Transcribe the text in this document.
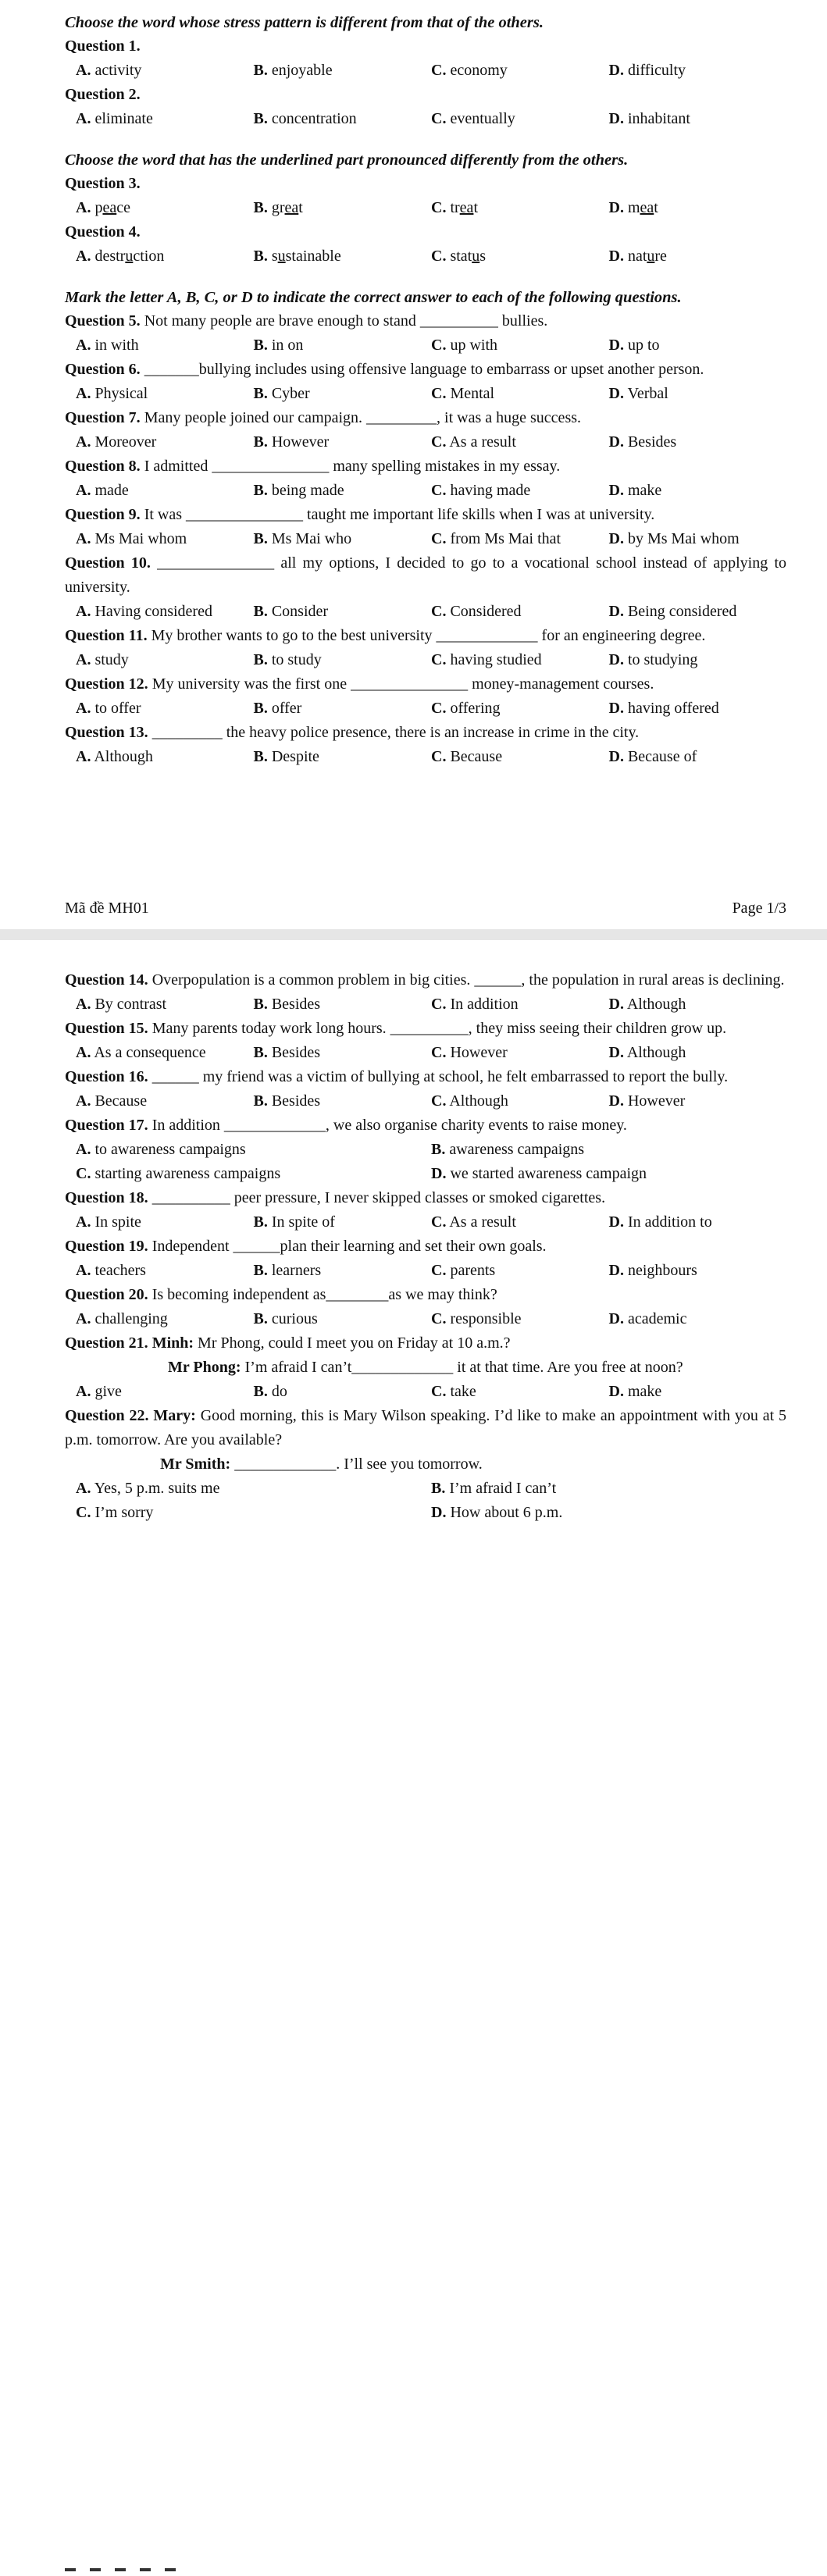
Choose the word whose stress pattern is different from that of the others.
Question 1.
A. activity	B. enjoyable	C. economy	D. difficulty
Question 2.
A. eliminate	B. concentration	C. eventually	D. inhabitant
Choose the word that has the underlined part pronounced differently from the others.
Question 3.
A. peace	B. great	C. treat	D. meat
Question 4.
A. destruction	B. sustainable	C. status	D. nature
Mark the letter A, B, C, or D to indicate the correct answer to each of the following questions.
Question 5. Not many people are brave enough to stand __________ bullies.
A. in with	B. in on	C. up with	D. up to
Question 6. _______bullying includes using offensive language to embarrass or upset another person.
A. Physical	B. Cyber	C. Mental	D. Verbal
Question 7. Many people joined our campaign. _________, it was a huge success.
A. Moreover	B. However	C. As a result	D. Besides
Question 8. I admitted _______________ many spelling mistakes in my essay.
A. made	B. being made	C. having made	D. make
Question 9. It was _______________ taught me important life skills when I was at university.
A. Ms Mai whom	B. Ms Mai who	C. from Ms Mai that	D. by Ms Mai whom
Question 10. _______________ all my options, I decided to go to a vocational school instead of applying to university.
A. Having considered	B. Consider	C. Considered	D. Being considered
Question 11. My brother wants to go to the best university _____________ for an engineering degree.
A. study	B. to study	C. having studied	D. to studying
Question 12. My university was the first one _______________ money-management courses.
A. to offer	B. offer	C. offering	D. having offered
Question 13. _________ the heavy police presence, there is an increase in crime in the city.
A. Although	B. Despite	C. Because	D. Because of
Mã đề MH01	Page 1/3
Question 14. Overpopulation is a common problem in big cities. ______, the population in rural areas is declining.
A. By contrast	B. Besides	C. In addition	D. Although
Question 15. Many parents today work long hours. __________, they miss seeing their children grow up.
A. As a consequence	B. Besides	C. However	D. Although
Question 16. ______ my friend was a victim of bullying at school, he felt embarrassed to report the bully.
A. Because	B. Besides	C. Although	D. However
Question 17. In addition _____________, we also organise charity events to raise money.
A. to awareness campaigns	B. awareness campaigns
C. starting awareness campaigns	D. we started awareness campaign
Question 18. __________ peer pressure, I never skipped classes or smoked cigarettes.
A. In spite	B. In spite of	C. As a result	D. In addition to
Question 19. Independent ______plan their learning and set their own goals.
A. teachers	B. learners	C. parents	D. neighbours
Question 20. Is becoming independent as________as we may think?
A. challenging	B. curious	C. responsible	D. academic
Question 21. Minh: Mr Phong, could I meet you on Friday at 10 a.m.?
Mr Phong: I’m afraid I can’t_____________ it at that time. Are you free at noon?
A. give	B. do	C. take	D. make
Question 22. Mary: Good morning, this is Mary Wilson speaking. I’d like to make an appointment with you at 5 p.m. tomorrow. Are you available?
Mr Smith: _____________. I’ll see you tomorrow.
A. Yes, 5 p.m. suits me	B. I’m afraid I can’t
C. I’m sorry	D. How about 6 p.m.
